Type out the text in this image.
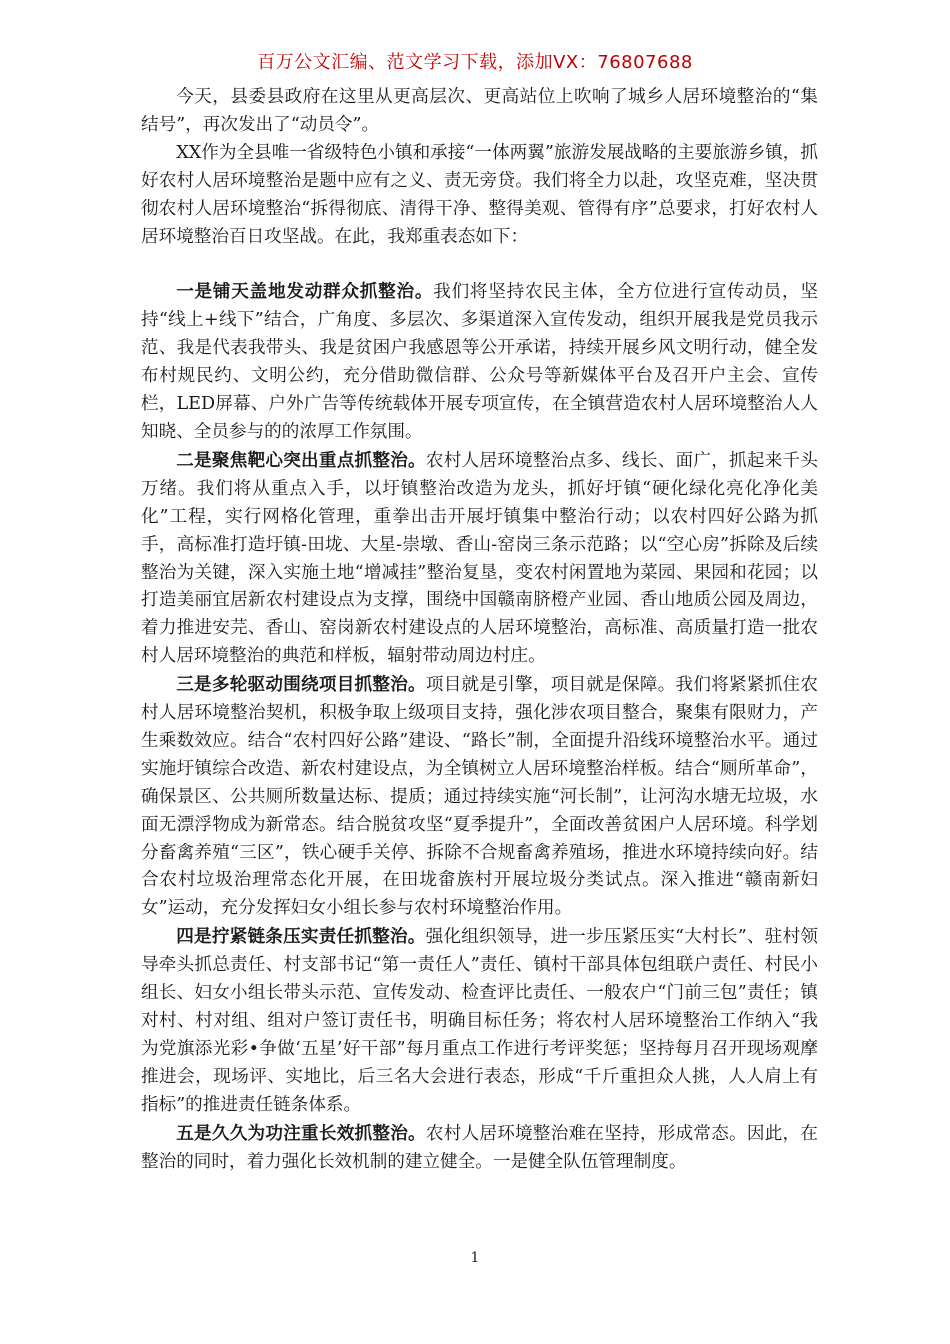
百万公文汇编、范文学习下载，添加VX：76807688

今天，县委县政府在这里从更高层次、更高站位上吹响了城乡人居环境整治的“集结号”，再次发出了“动员令”。

XX作为全县唯一省级特色小镇和承接“一体两翼”旅游发展战略的主要旅游乡镇，抓好农村人居环境整治是题中应有之义、责无旁贷。我们将全力以赴，攻坚克难，坚决贯彻农村人居环境整治“拆得彻底、清得干净、整得美观、管得有序”总要求，打好农村人居环境整治百日攻坚战。在此，我郑重表态如下：

一是铺天盖地发动群众抓整治。我们将坚持农民主体，全方位进行宣传动员，坚持“线上+线下”结合，广角度、多层次、多渠道深入宣传发动，组织开展我是党员我示范、我是代表我带头、我是贫困户我感恩等公开承诺，持续开展乡风文明行动，健全发布村规民约、文明公约，充分借助微信群、公众号等新媒体平台及召开户主会、宣传栏，LED屏幕、户外广告等传统载体开展专项宣传，在全镇营造农村人居环境整治人人知晓、全员参与的的浓厚工作氛围。

二是聚焦靶心突出重点抓整治。农村人居环境整治点多、线长、面广，抓起来千头万绪。我们将从重点入手，以圩镇整治改造为龙头，抓好圩镇“硬化绿化亮化净化美化”工程，实行网格化管理，重拳出击开展圩镇集中整治行动；以农村四好公路为抓手，高标准打造圩镇-田垅、大星-崇墩、香山-窑岗三条示范路；以“空心房”拆除及后续整治为关键，深入实施土地“增减挂”整治复垦，变农村闲置地为菜园、果园和花园；以打造美丽宜居新农村建设点为支撑，围绕中国赣南脐橙产业园、香山地质公园及周边，着力推进安芫、香山、窑岗新农村建设点的人居环境整治，高标准、高质量打造一批农村人居环境整治的典范和样板，辐射带动周边村庄。

三是多轮驱动围绕项目抓整治。项目就是引擎，项目就是保障。我们将紧紧抓住农村人居环境整治契机，积极争取上级项目支持，强化涉农项目整合，聚集有限财力，产生乘数效应。结合“农村四好公路”建设、“路长”制，全面提升沿线环境整治水平。通过实施圩镇综合改造、新农村建设点，为全镇树立人居环境整治样板。结合“厕所革命”，确保景区、公共厕所数量达标、提质；通过持续实施“河长制”，让河沟水塘无垃圾，水面无漂浮物成为新常态。结合脱贫攻坚“夏季提升”，全面改善贫困户人居环境。科学划分畜禽养殖“三区”，铁心硬手关停、拆除不合规畜禽养殖场，推进水环境持续向好。结合农村垃圾治理常态化开展，在田垅畲族村开展垃圾分类试点。深入推进“赣南新妇女”运动，充分发挥妇女小组长参与农村环境整治作用。

四是拧紧链条压实责任抓整治。强化组织领导，进一步压紧压实“大村长”、驻村领导牵头抓总责任、村支部书记“第一责任人”责任、镇村干部具体包组联户责任、村民小组长、妇女小组长带头示范、宣传发动、检查评比责任、一般农户“门前三包”责任；镇对村、村对组、组对户签订责任书，明确目标任务；将农村人居环境整治工作纳入“我为党旗添光彩•争做‘五星’好干部”每月重点工作进行考评奖惩；坚持每月召开现场观摩推进会，现场评、实地比，后三名大会进行表态，形成“千斤重担众人挑，人人肩上有指标”的推进责任链条体系。

五是久久为功注重长效抓整治。农村人居环境整治难在坚持，形成常态。因此，在整治的同时，着力强化长效机制的建立健全。一是健全队伍管理制度。

1
